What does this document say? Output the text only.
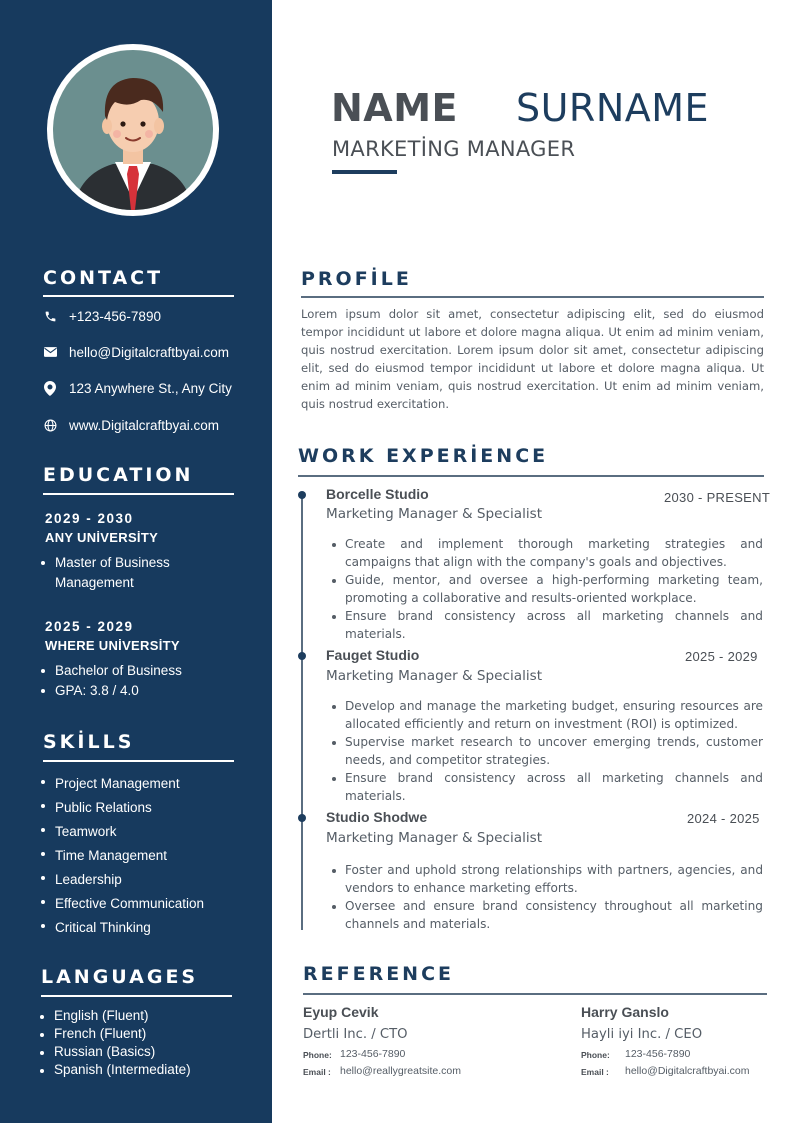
CONTACT
+123-456-7890
hello@Digitalcraftbyai.com
123 Anywhere St., Any City
www.Digitalcraftbyai.com
EDUCATION
2029 - 2030
ANY UNİVERSİTY
Master of Business
Management
2025 - 2029
WHERE UNİVERSİTY
Bachelor of Business
GPA: 3.8 / 4.0
SKİLLS
Project Management
Public Relations
Teamwork
Time Management
Leadership
Effective Communication
Critical Thinking
LANGUAGES
English (Fluent)
French (Fluent)
Russian (Basics)
Spanish (Intermediate)
NAME SURNAME
MARKETİNG MANAGER
PROFİLE
Lorem ipsum dolor sit amet, consectetur adipiscing elit, sed do eiusmod tempor incididunt ut labore et dolore magna aliqua. Ut enim ad minim veniam, quis nostrud exercitation. Lorem ipsum dolor sit amet, consectetur adipiscing elit, sed do eiusmod tempor incididunt ut labore et dolore magna aliqua. Ut enim ad minim veniam, quis nostrud exercitation. Ut enim ad minim veniam, quis nostrud exercitation.
WORK EXPERİENCE
Borcelle Studio	2030 - PRESENT
Marketing Manager & Specialist
Create and implement thorough marketing strategies and campaigns that align with the company's goals and objectives.
Guide, mentor, and oversee a high-performing marketing team, promoting a collaborative and results-oriented workplace.
Ensure brand consistency across all marketing channels and materials.
Fauget Studio	2025 - 2029
Marketing Manager & Specialist
Develop and manage the marketing budget, ensuring resources are allocated efficiently and return on investment (ROI) is optimized.
Supervise market research to uncover emerging trends, customer needs, and competitor strategies.
Ensure brand consistency across all marketing channels and materials.
Studio Shodwe	2024 - 2025
Marketing Manager & Specialist
Foster and uphold strong relationships with partners, agencies, and vendors to enhance marketing efforts.
Oversee and ensure brand consistency throughout all marketing channels and materials.
REFERENCE
Eyup Cevik
Dertli Inc. / CTO
Phone: 123-456-7890
Email : hello@reallygreatsite.com
Harry Ganslo
Hayli iyi Inc. / CEO
Phone: 123-456-7890
Email : hello@Digitalcraftbyai.com
